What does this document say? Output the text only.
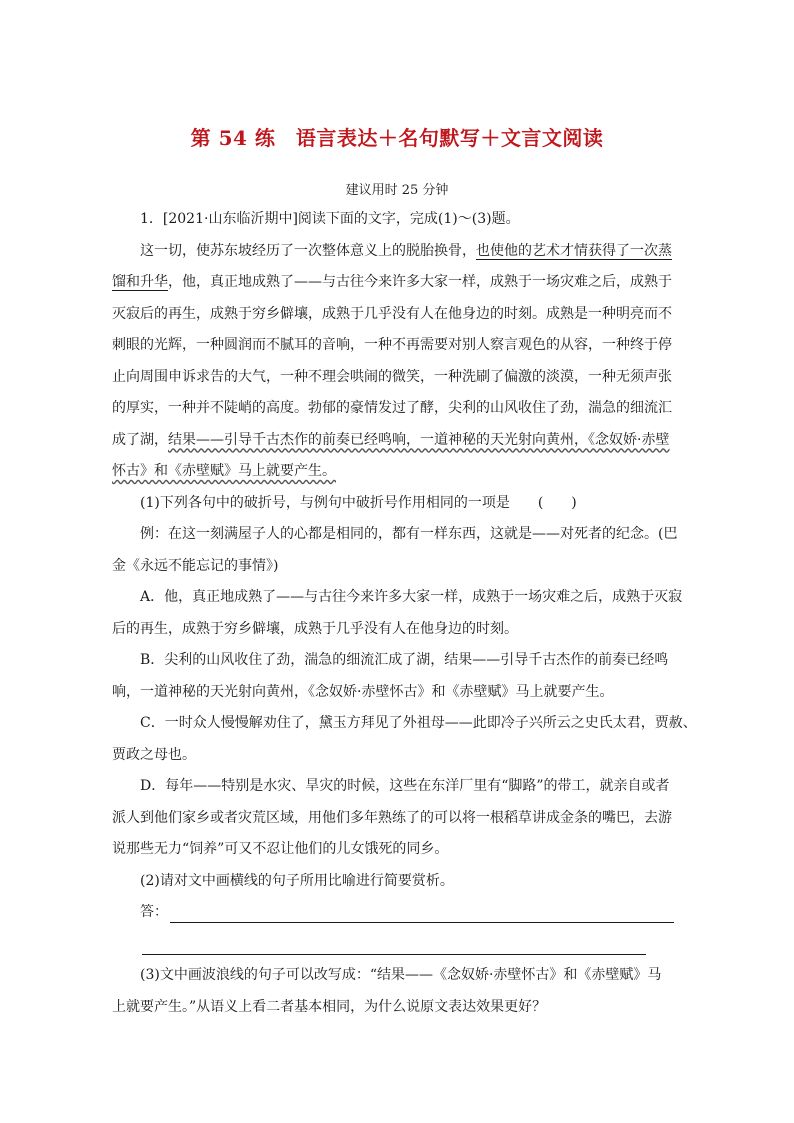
第 54 练　语言表达＋名句默写＋文言文阅读
建议用时 25 分钟
1．[2021·山东临沂期中]阅读下面的文字，完成(1)～(3)题。
这一切，使苏东坡经历了一次整体意义上的脱胎换骨，也使他的艺术才情获得了一次蒸
馏和升华，他，真正地成熟了——与古往今来许多大家一样，成熟于一场灾难之后，成熟于
灭寂后的再生，成熟于穷乡僻壤，成熟于几乎没有人在他身边的时刻。成熟是一种明亮而不
刺眼的光辉，一种圆润而不腻耳的音响，一种不再需要对别人察言观色的从容，一种终于停
止向周围申诉求告的大气，一种不理会哄闹的微笑，一种洗刷了偏激的淡漠，一种无须声张
的厚实，一种并不陡峭的高度。勃郁的豪情发过了酵，尖利的山风收住了劲，湍急的细流汇
成了湖，结果——引导千古杰作的前奏已经鸣响，一道神秘的天光射向黄州，《念奴娇·赤壁
怀古》和《赤壁赋》马上就要产生。
(1)下列各句中的破折号，与例句中破折号作用相同的一项是　　(　　)
例：在这一刻满屋子人的心都是相同的，都有一样东西，这就是——对死者的纪念。(巴
金《永远不能忘记的事情》)
A．他，真正地成熟了——与古往今来许多大家一样，成熟于一场灾难之后，成熟于灭寂
后的再生，成熟于穷乡僻壤，成熟于几乎没有人在他身边的时刻。
B．尖利的山风收住了劲，湍急的细流汇成了湖，结果——引导千古杰作的前奏已经鸣
响，一道神秘的天光射向黄州，《念奴娇·赤壁怀古》和《赤壁赋》马上就要产生。
C．一时众人慢慢解劝住了，黛玉方拜见了外祖母——此即冷子兴所云之史氏太君，贾赦、
贾政之母也。
D．每年——特别是水灾、旱灾的时候，这些在东洋厂里有“脚路”的带工，就亲自或者
派人到他们家乡或者灾荒区域，用他们多年熟练了的可以将一根稻草讲成金条的嘴巴，去游
说那些无力“饲养”可又不忍让他们的儿女饿死的同乡。
(2)请对文中画横线的句子所用比喻进行简要赏析。
答：
(3)文中画波浪线的句子可以改写成：“结果——《念奴娇·赤壁怀古》和《赤壁赋》马
上就要产生。”从语义上看二者基本相同，为什么说原文表达效果更好？
